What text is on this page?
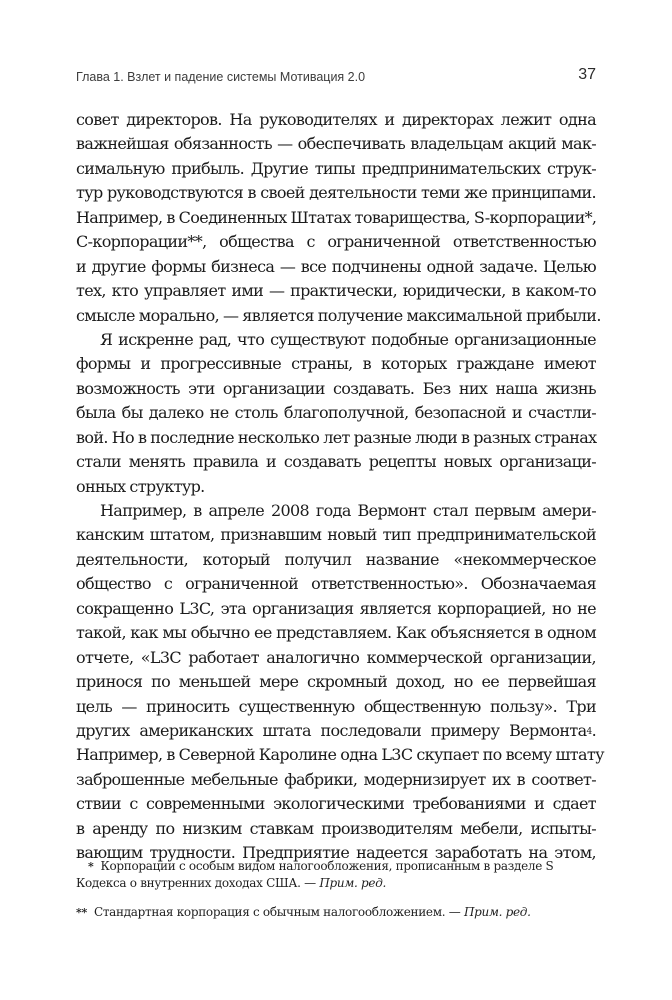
Глава 1. Взлет и падение системы Мотивация 2.0	37
совет директоров. На руководителях и директорах лежит одна
важнейшая обязанность — обеспечивать владельцам акций мак-
симальную прибыль. Другие типы предпринимательских струк-
тур руководствуются в своей деятельности теми же принципами.
Например, в Соединенных Штатах товарищества, S-корпорации*,
C-корпорации**, общества с ограниченной ответственностью
и другие формы бизнеса — все подчинены одной задаче. Целью
тех, кто управляет ими — практически, юридически, в каком-то
смысле морально, — является получение максимальной прибыли.
Я искренне рад, что существуют подобные организационные
формы и прогрессивные страны, в которых граждане имеют
возможность эти организации создавать. Без них наша жизнь
была бы далеко не столь благополучной, безопасной и счастли-
вой. Но в последние несколько лет разные люди в разных странах
стали менять правила и создавать рецепты новых организаци-
онных структур.
Например, в апреле 2008 года Вермонт стал первым амери-
канским штатом, признавшим новый тип предпринимательской
деятельности, который получил название «некоммерческое
общество с ограниченной ответственностью». Обозначаемая
сокращенно L3C, эта организация является корпорацией, но не
такой, как мы обычно ее представляем. Как объясняется в одном
отчете, «L3C работает аналогично коммерческой организации,
принося по меньшей мере скромный доход, но ее первейшая
цель — приносить существенную общественную пользу». Три
других американских штата последовали примеру Вермонта$^4$.
Например, в Северной Каролине одна L3C скупает по всему штату
заброшенные мебельные фабрики, модернизирует их в соответ-
ствии с современными экологическими требованиями и сдает
в аренду по низким ставкам производителям мебели, испыты-
вающим трудности. Предприятие надеется заработать на этом,
* Корпорации с особым видом налогообложения, прописанным в разделе S
Кодекса о внутренних доходах США. — Прим. ред.
** Стандартная корпорация с обычным налогообложением. — Прим. ред.
